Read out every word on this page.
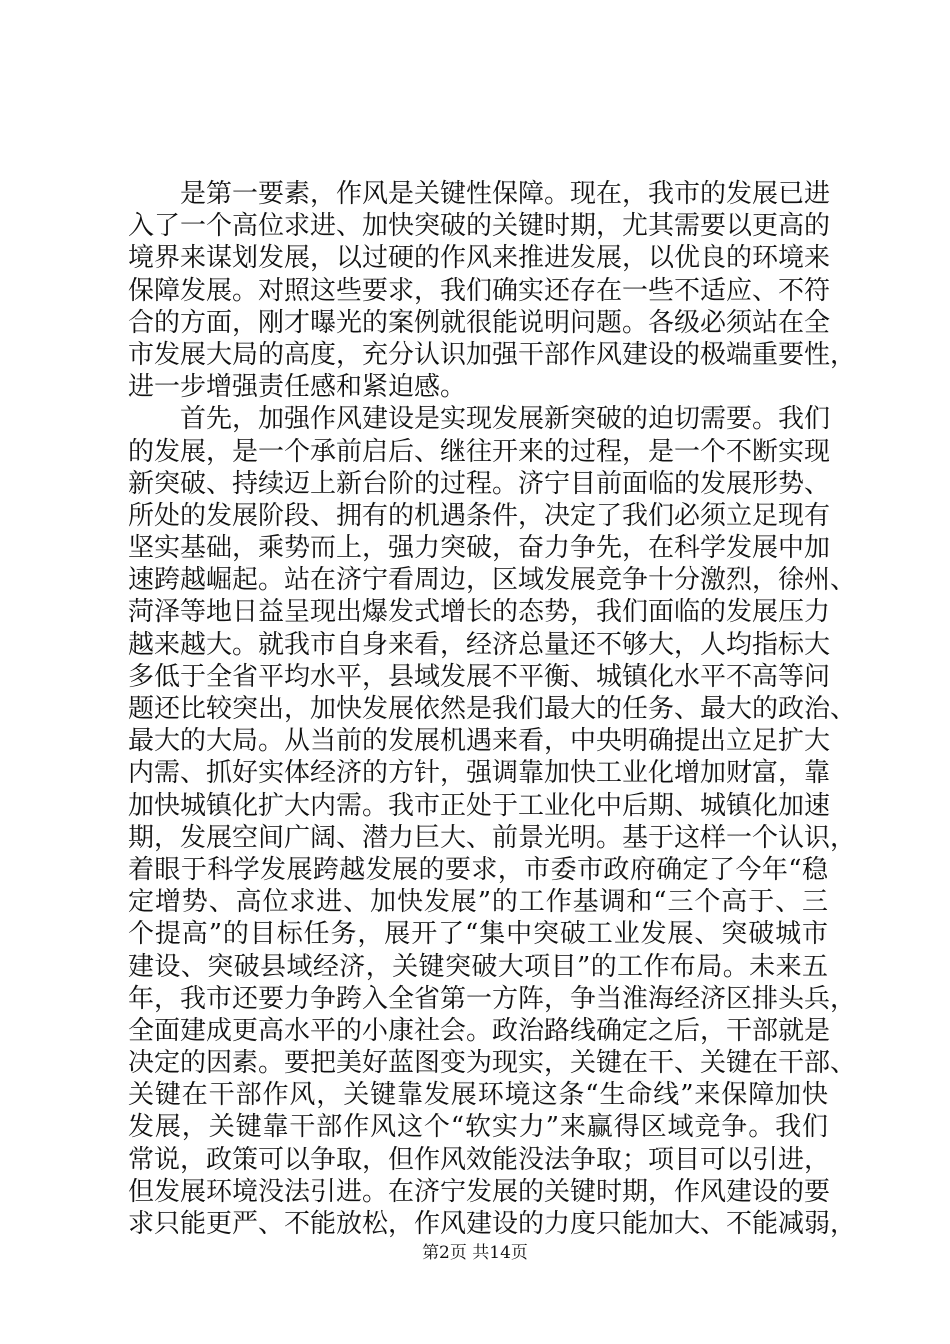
是第一要素，作风是关键性保障。现在，我市的发展已进
入了一个高位求进、加快突破的关键时期，尤其需要以更高的
境界来谋划发展，以过硬的作风来推进发展，以优良的环境来
保障发展。对照这些要求，我们确实还存在一些不适应、不符
合的方面，刚才曝光的案例就很能说明问题。各级必须站在全
市发展大局的高度，充分认识加强干部作风建设的极端重要性，
进一步增强责任感和紧迫感。
首先，加强作风建设是实现发展新突破的迫切需要。我们
的发展，是一个承前启后、继往开来的过程，是一个不断实现
新突破、持续迈上新台阶的过程。济宁目前面临的发展形势、
所处的发展阶段、拥有的机遇条件，决定了我们必须立足现有
坚实基础，乘势而上，强力突破，奋力争先，在科学发展中加
速跨越崛起。站在济宁看周边，区域发展竞争十分激烈，徐州、
菏泽等地日益呈现出爆发式增长的态势，我们面临的发展压力
越来越大。就我市自身来看，经济总量还不够大，人均指标大
多低于全省平均水平，县域发展不平衡、城镇化水平不高等问
题还比较突出，加快发展依然是我们最大的任务、最大的政治、
最大的大局。从当前的发展机遇来看，中央明确提出立足扩大
内需、抓好实体经济的方针，强调靠加快工业化增加财富，靠
加快城镇化扩大内需。我市正处于工业化中后期、城镇化加速
期，发展空间广阔、潜力巨大、前景光明。基于这样一个认识，
着眼于科学发展跨越发展的要求，市委市政府确定了今年“稳
定增势、高位求进、加快发展”的工作基调和“三个高于、三
个提高”的目标任务，展开了“集中突破工业发展、突破城市
建设、突破县域经济，关键突破大项目”的工作布局。未来五
年，我市还要力争跨入全省第一方阵，争当淮海经济区排头兵，
全面建成更高水平的小康社会。政治路线确定之后，干部就是
决定的因素。要把美好蓝图变为现实，关键在干、关键在干部、
关键在干部作风，关键靠发展环境这条“生命线”来保障加快
发展，关键靠干部作风这个“软实力”来赢得区域竞争。我们
常说，政策可以争取，但作风效能没法争取；项目可以引进，
但发展环境没法引进。在济宁发展的关键时期，作风建设的要
求只能更严、不能放松，作风建设的力度只能加大、不能减弱，
第2页 共14页
